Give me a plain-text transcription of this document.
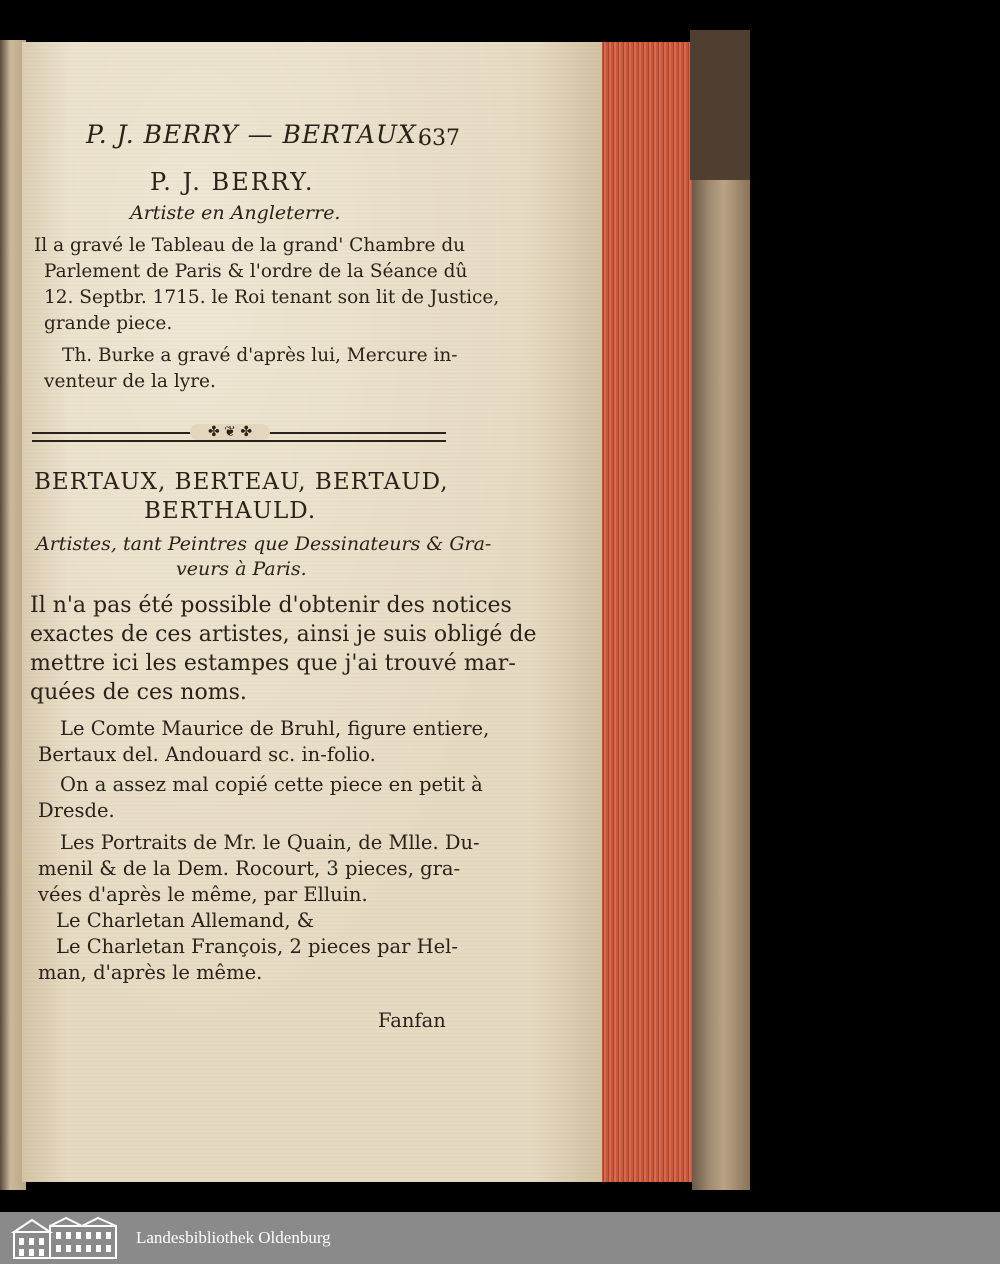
P. J. BERRY — BERTAUX.
637
P. J. BERRY.
Artiste en Angleterre.
Il a gravé le Tableau de la grand' Chambre du
Parlement de Paris & l'ordre de la Séance dû
12. Septbr. 1715. le Roi tenant son lit de Justice,
grande piece.
Th. Burke a gravé d'après lui, Mercure in-
venteur de la lyre.
✤ ❦ ✤
BERTAUX, BERTEAU, BERTAUD,
BERTHAULD.
Artistes, tant Peintres que Dessinateurs & Gra-
veurs à Paris.
Il n'a pas été possible d'obtenir des notices
exactes de ces artistes, ainsi je suis obligé de
mettre ici les estampes que j'ai trouvé mar-
quées de ces noms.
Le Comte Maurice de Bruhl, figure entiere,
Bertaux del. Andouard sc. in-folio.
On a assez mal copié cette piece en petit à
Dresde.
Les Portraits de Mr. le Quain, de Mlle. Du-
menil & de la Dem. Rocourt, 3 pieces, gra-
vées d'après le même, par Elluin.
Le Charletan Allemand, &
Le Charletan François, 2 pieces par Hel-
man, d'après le même.
Fanfan
Landesbibliothek Oldenburg
